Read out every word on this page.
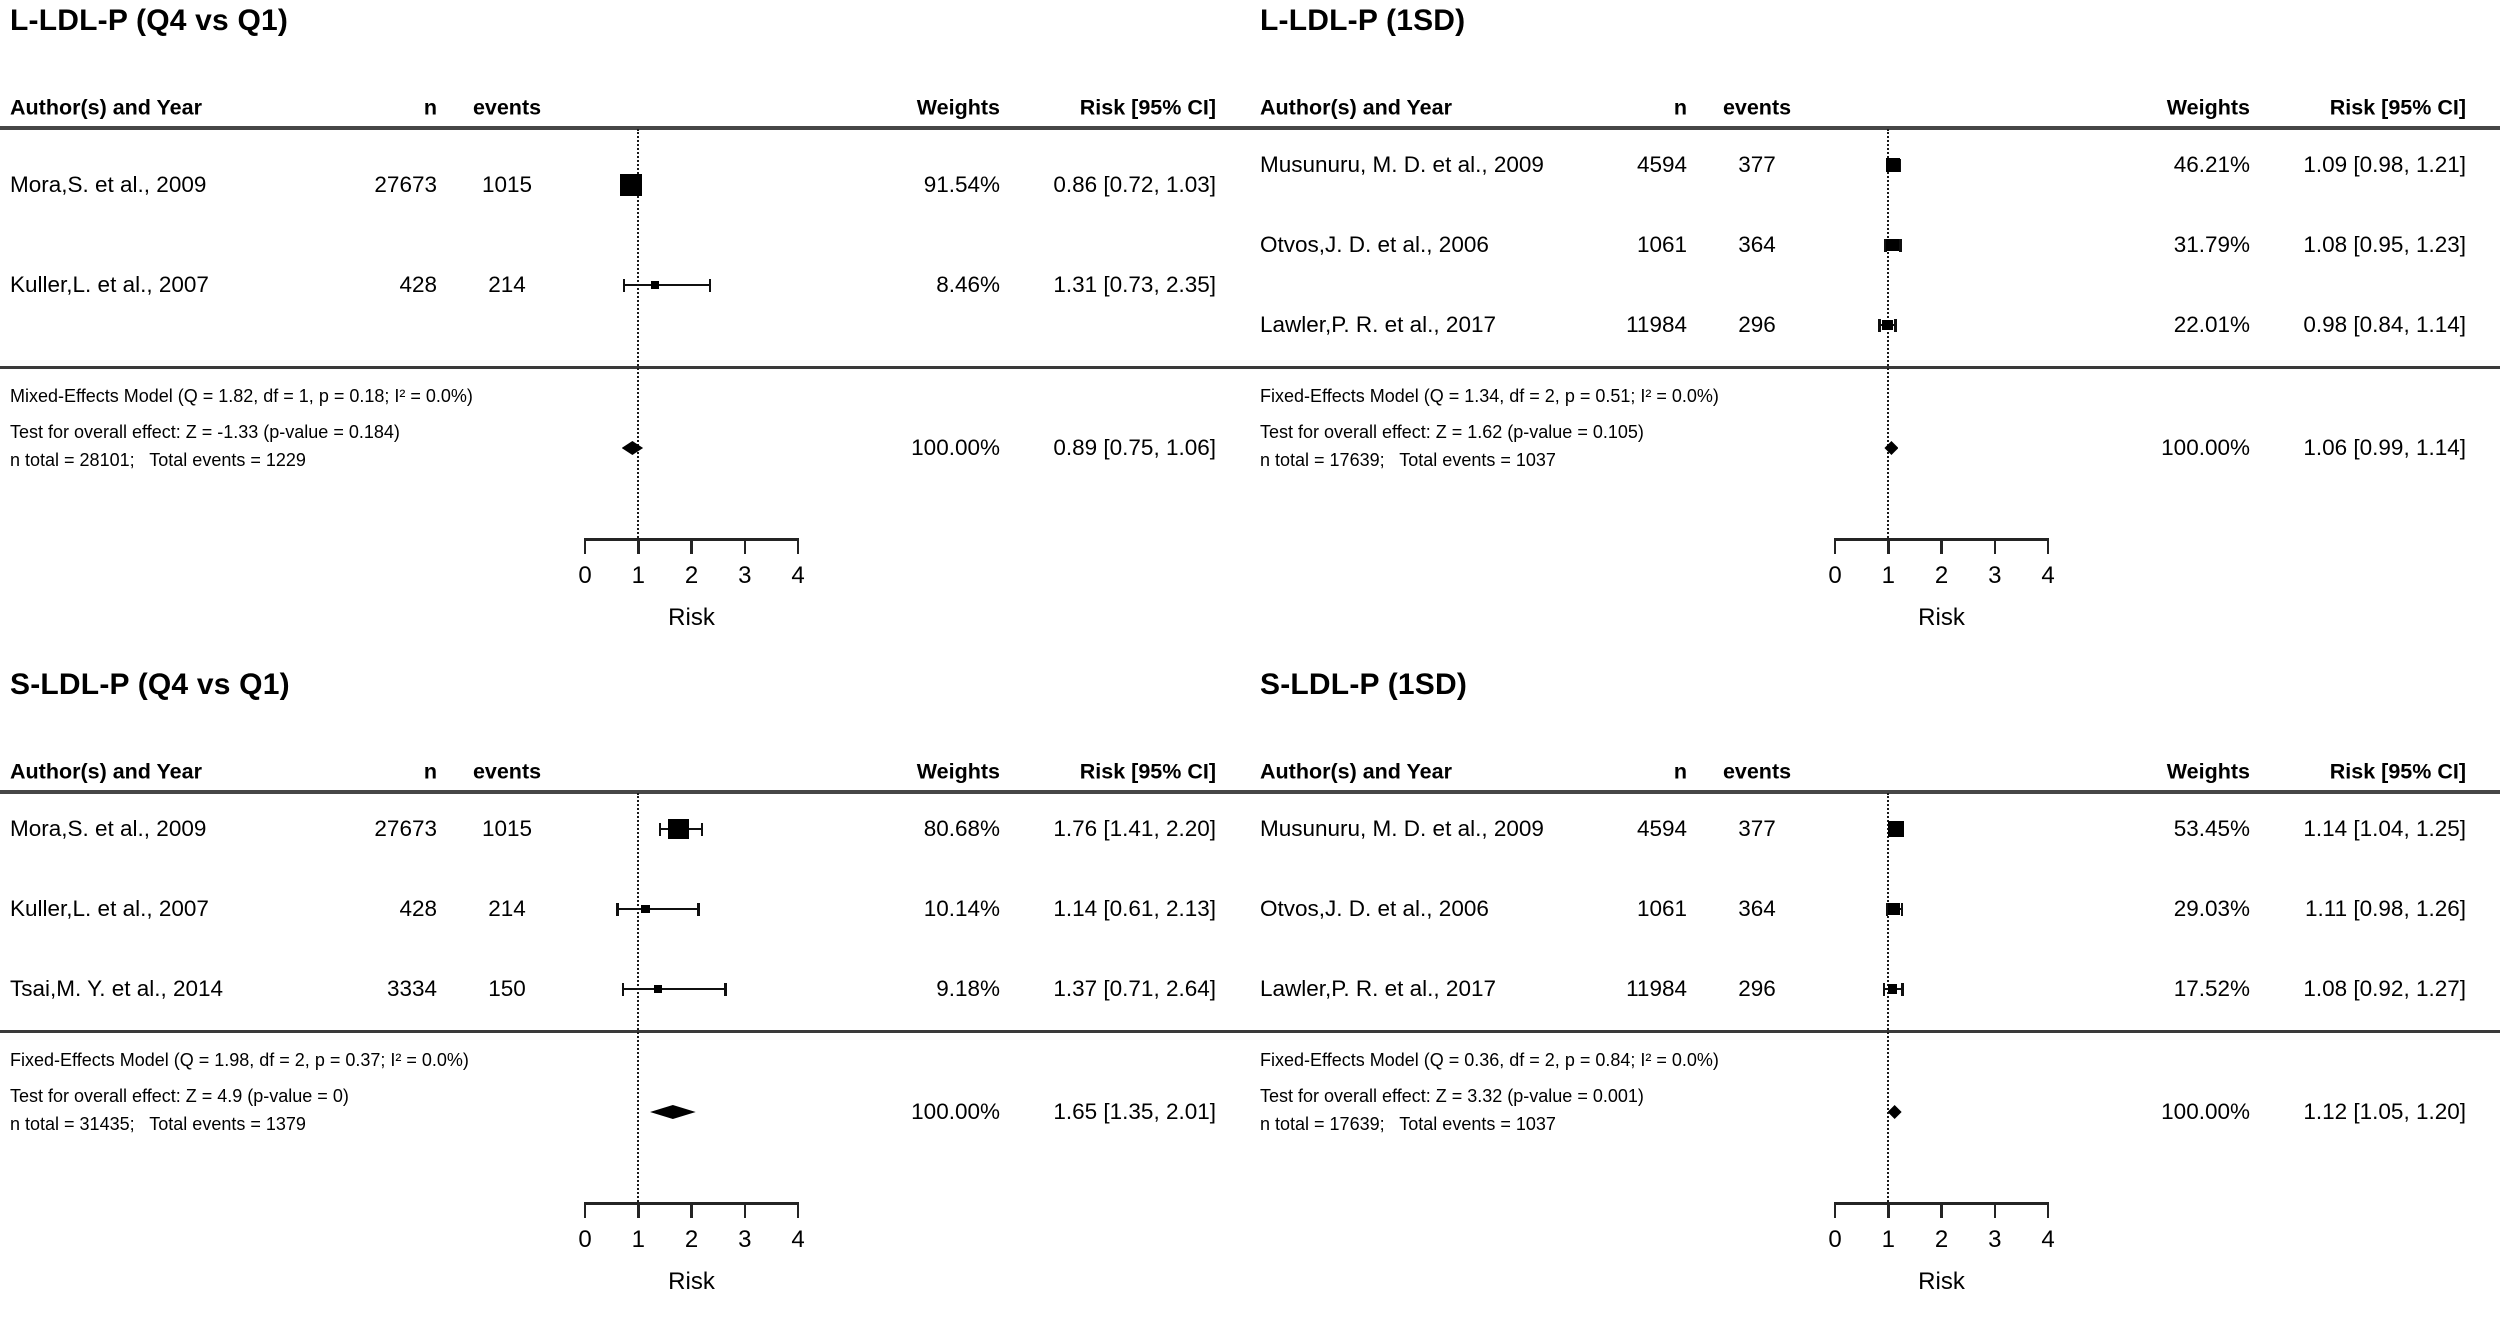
L-LDL-P (Q4 vs Q1)
Author(s) and Year	n events	Weights	Risk [95% CI]
Mixed-Effects Model (Q = 1.82, df = 1, p = 0.18; I² = 0.0%)
Test for overall effect: Z = -1.33 (p-value = 0.184)
n total = 28101;   Total events = 1229	100.00% 0.89 [0.75, 1.06]
Mora,S. et al., 2009	27673 1015	91.54% 0.86 [0.72, 1.03]
Kuller,L. et al., 2007	428 214	8.46% 1.31 [0.73, 2.35]
0 1 2 3 4
Risk
L-LDL-P (1SD)
Author(s) and Year	n events	Weights	Risk [95% CI]
Fixed-Effects Model (Q = 1.34, df = 2, p = 0.51; I² = 0.0%)
Test for overall effect: Z = 1.62 (p-value = 0.105)
n total = 17639;   Total events = 1037	100.00% 1.06 [0.99, 1.14]
Musunuru, M. D. et al., 2009	4594 377	46.21% 1.09 [0.98, 1.21]
Otvos,J. D. et al., 2006	1061 364	31.79% 1.08 [0.95, 1.23]
Lawler,P. R. et al., 2017	11984 296	22.01% 0.98 [0.84, 1.14]
0 1 2 3 4
Risk
S-LDL-P (Q4 vs Q1)
Author(s) and Year	n events	Weights	Risk [95% CI]
Fixed-Effects Model (Q = 1.98, df = 2, p = 0.37; I² = 0.0%)
Test for overall effect: Z = 4.9 (p-value = 0)
n total = 31435;   Total events = 1379	100.00% 1.65 [1.35, 2.01]
Mora,S. et al., 2009	27673 1015	80.68% 1.76 [1.41, 2.20]
Kuller,L. et al., 2007	428 214	10.14% 1.14 [0.61, 2.13]
Tsai,M. Y. et al., 2014	3334 150	9.18% 1.37 [0.71, 2.64]
0 1 2 3 4
Risk
S-LDL-P (1SD)
Author(s) and Year	n events	Weights	Risk [95% CI]
Fixed-Effects Model (Q = 0.36, df = 2, p = 0.84; I² = 0.0%)
Test for overall effect: Z = 3.32 (p-value = 0.001)
n total = 17639;   Total events = 1037	100.00% 1.12 [1.05, 1.20]
Musunuru, M. D. et al., 2009	4594 377	53.45% 1.14 [1.04, 1.25]
Otvos,J. D. et al., 2006	1061 364	29.03% 1.11 [0.98, 1.26]
Lawler,P. R. et al., 2017	11984 296	17.52% 1.08 [0.92, 1.27]
0 1 2 3 4
Risk
